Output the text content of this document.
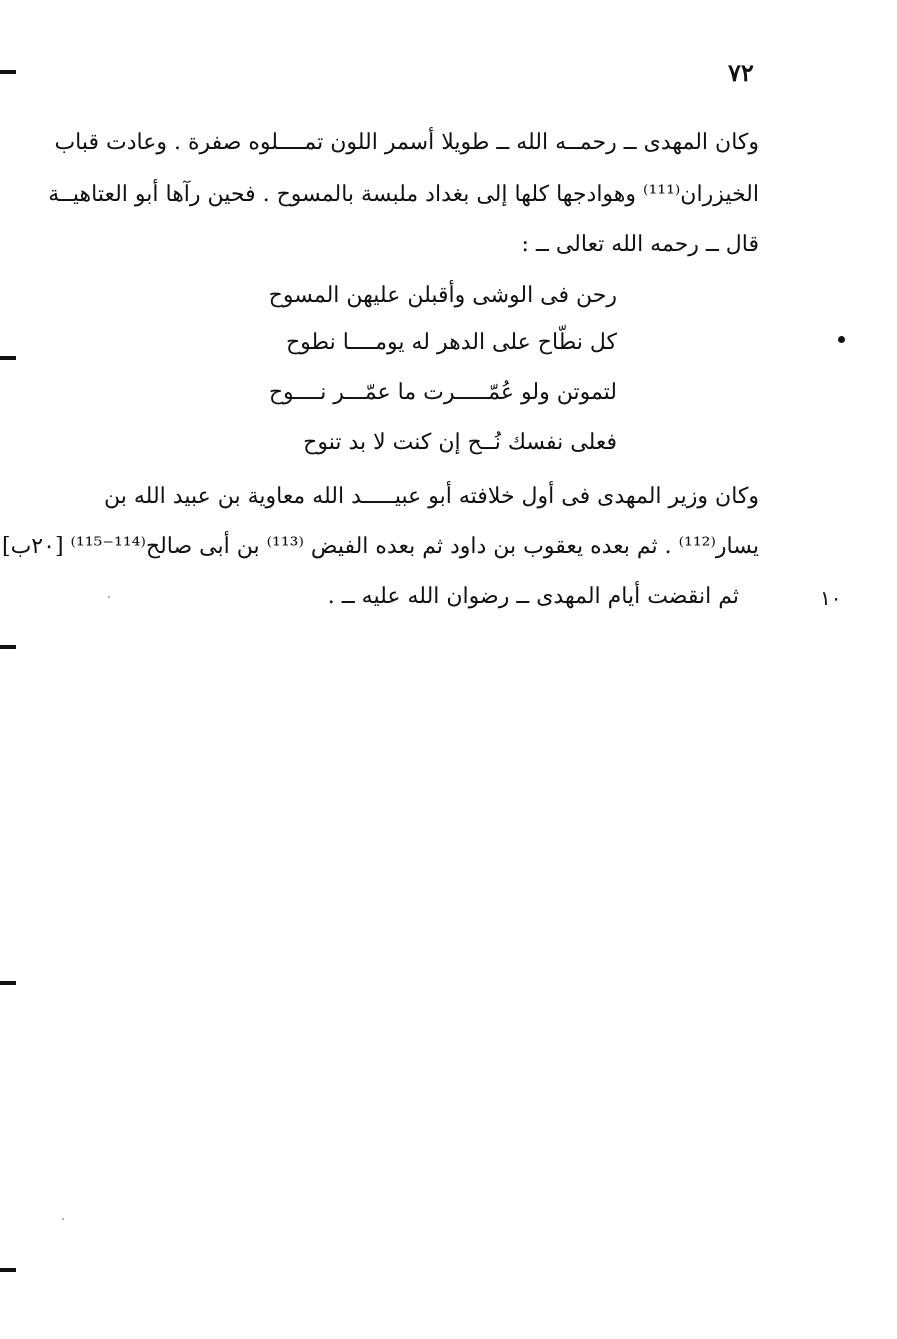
٧٢
وكان المهدى ــ رحمــه الله ــ طويلا أسمر اللون تمــــلوه صفرة . وعادت قباب
الخيزران⁽¹¹¹⁾ وهوادجها كلها إلى بغداد ملبسة بالمسوح . فحين رآها أبو العتاهيــة
قال ــ رحمه الله تعالى ــ :
رحن فى الوشى وأقبلن عليهن المسوح
كل نطّاح على الدهر له يومــــا نطوح
لتموتن ولو عُمّـــــرت ما عمّـــر نــــوح
فعلى نفسك نُــح إن كنت لا بد تنوح
وكان وزير المهدى فى أول خلافته أبو عبيـــــد الله معاوية بن عبيد الله بن
يسار⁽¹¹²⁾ . ثم بعده يعقوب بن داود ثم بعده الفيض ⁽¹¹³⁾ بن أبى صالح⁽¹¹⁴⁻¹¹⁵⁾ [٢٠ب]
ثم انقضت أيام المهدى ــ رضوان الله عليه ــ .	١٠
